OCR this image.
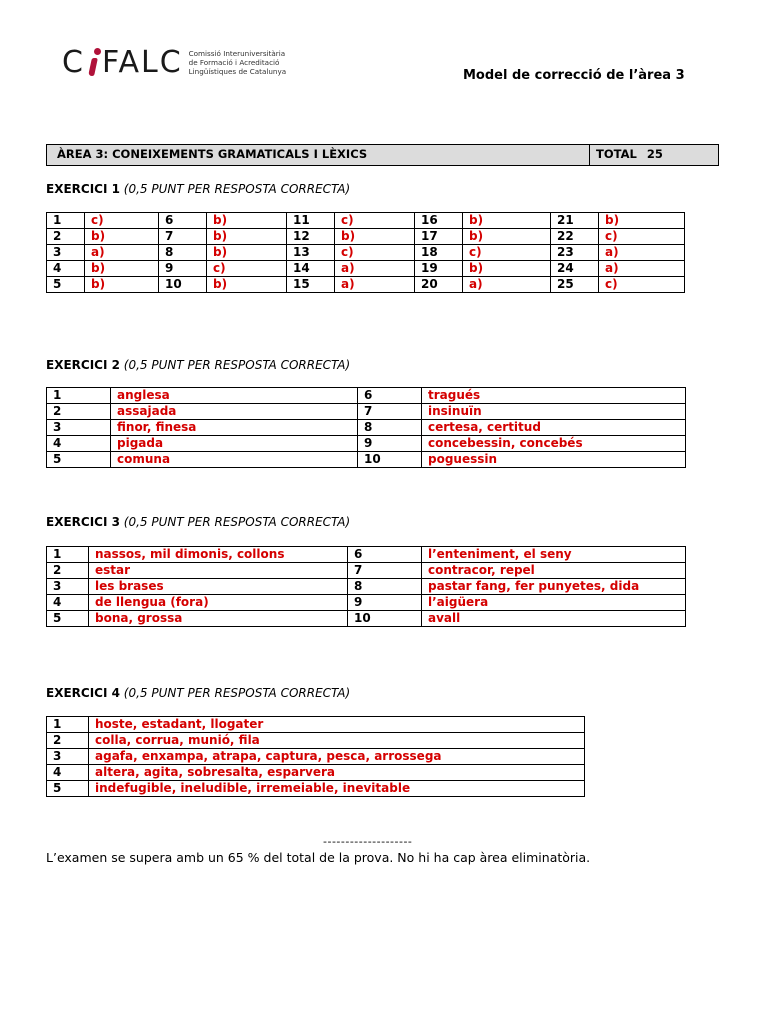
C FALC Comissió Interuniversitària
de Formació i Acreditació
Lingüístiques de Catalunya	Model de correcció de l’àrea 3
ÀREA 3: CONEIXEMENTS GRAMATICALS I LÈXICS	TOTAL 25
EXERCICI 1 (0,5 PUNT PER RESPOSTA CORRECTA)
EXERCICI 2 (0,5 PUNT PER RESPOSTA CORRECTA)
EXERCICI 3 (0,5 PUNT PER RESPOSTA CORRECTA)
EXERCICI 4 (0,5 PUNT PER RESPOSTA CORRECTA)
1	c)	6	b)	11	c)	16	b)	21	b)
2	b)	7	b)	12	b)	17	b)	22	c)
3	a)	8	b)	13	c)	18	c)	23	a)
4	b)	9	c)	14	a)	19	b)	24	a)
5	b)	10	b)	15	a)	20	a)	25	c)
1	anglesa	6	tragués
2	assajada	7	insinuïn
3	finor, finesa	8	certesa, certitud
4	pigada	9	concebessin, concebés
5	comuna	10	poguessin
1	nassos, mil dimonis, collons	6	l’enteniment, el seny
2	estar	7	contracor, repel
3	les brases	8	pastar fang, fer punyetes, dida
4	de llengua (fora)	9	l’aigüera
5	bona, grossa	10	avall
1	hoste, estadant, llogater
2	colla, corrua, munió, fila
3	agafa, enxampa, atrapa, captura, pesca, arrossega
4	altera, agita, sobresalta, esparvera
5	indefugible, ineludible, irremeiable, inevitable
--------------------
L’examen se supera amb un 65 % del total de la prova. No hi ha cap àrea eliminatòria.
